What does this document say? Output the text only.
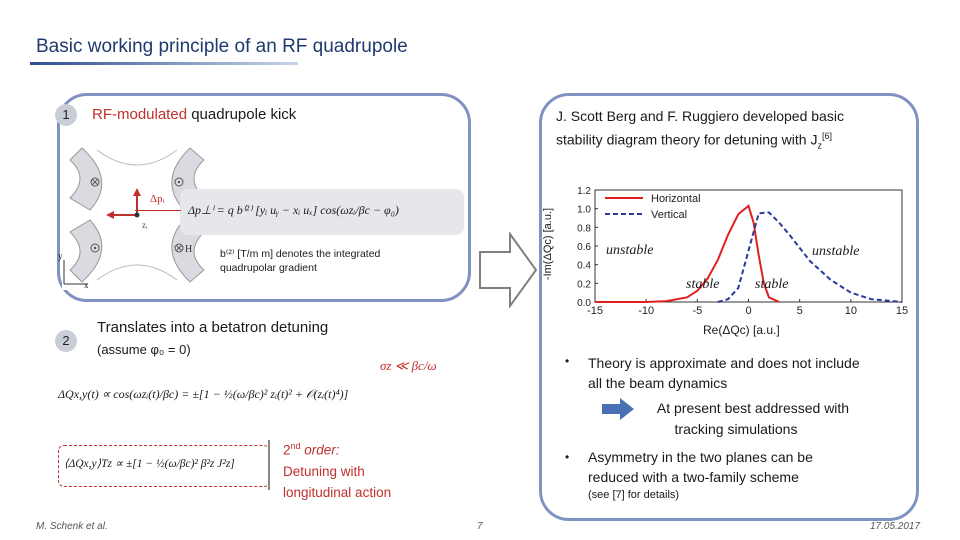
Basic working principle of an RF quadrupole
1	RF-modulated quadrupole kick
Δpᵢ
zᵢ
H
y
x
Δp⊥ⁱ = q b⁽²⁾ [yᵢ uᵧ − xᵢ uₓ] cos(ωzᵢ/βc − φ₀)
b⁽²⁾ [T/m m] denotes the integrated quadrupolar gradient
2
Translates into a betatron detuning
(assume φ₀ = 0)
σz ≪ βc/ω
ΔQx,y(t) ∝ cos(ωzᵢ(t)/βc) = ±[1 − ½(ω/βc)² zᵢ(t)² + 𝒪(zᵢ(t)⁴)]
⟨ΔQx,y⟩Tz ∝ ±[1 − ½(ω/βc)² β²z J²z]
2nd order:
Detuning with
longitudinal action
J. Scott Berg and F. Ruggiero developed basic
stability diagram theory for detuning with $J_z[6]$
-15	-10	-5	0	5	10	15
0.0
0.2
0.4
0.6
0.8
1.0
1.2
Horizontal
Vertical
-Im(ΔQc) [a.u.]
Re(ΔQc) [a.u.]
unstable	unstable
stable	stable
• Theory is approximate and does not include
all the beam dynamics
At present best addressed with
tracking simulations
• Asymmetry in the two planes can be
reduced with a two-family scheme
(see [7] for details)
M. Schenk et al.	7	17.05.2017
